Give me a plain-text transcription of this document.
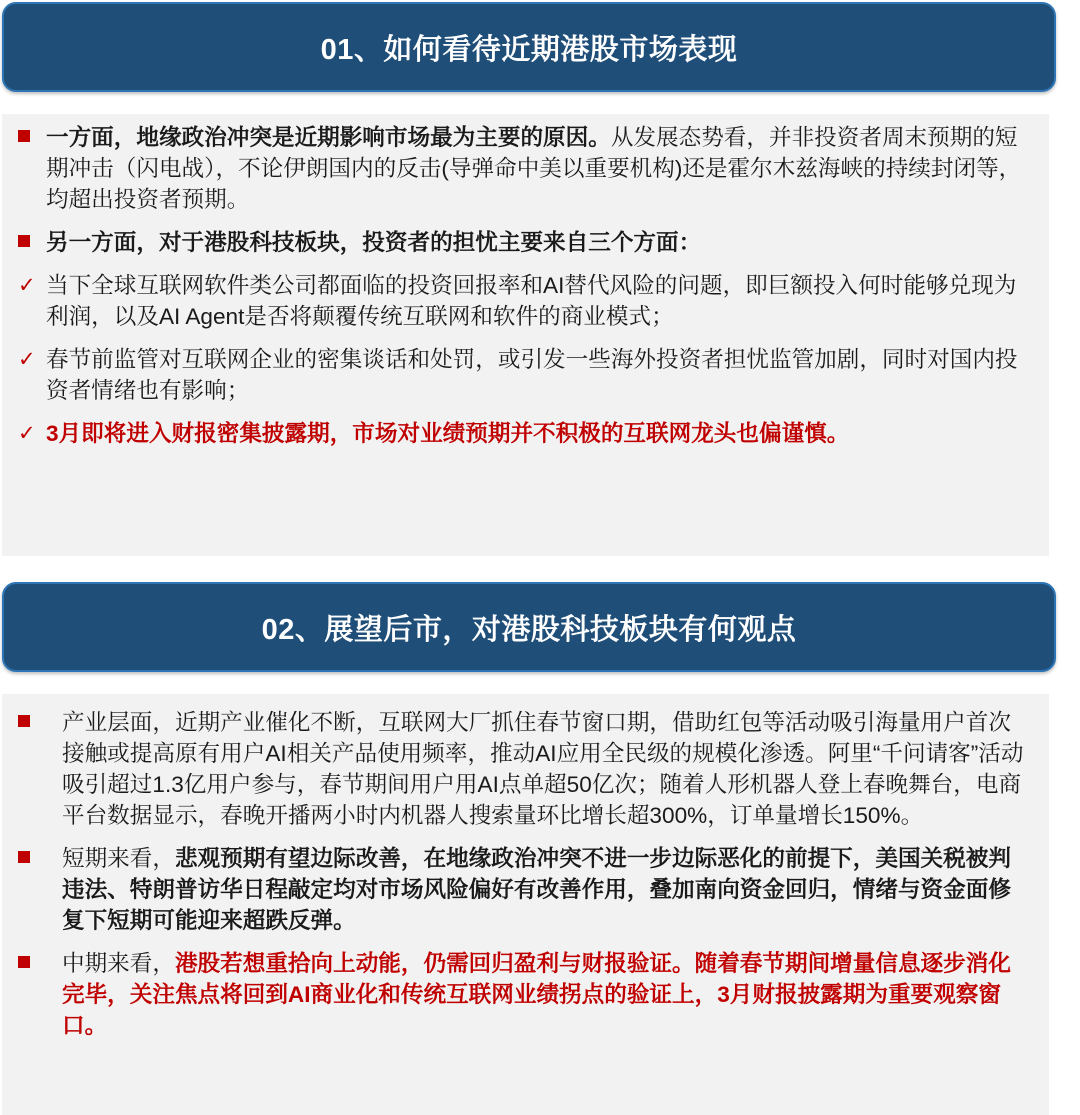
01、如何看待近期港股市场表现
一方面，地缘政治冲突是近期影响市场最为主要的原因。从发展态势看，并非投资者周末预期的短期冲击（闪电战），不论伊朗国内的反击(导弹命中美以重要机构)还是霍尔木兹海峡的持续封闭等，均超出投资者预期。
另一方面，对于港股科技板块，投资者的担忧主要来自三个方面：
✓ 当下全球互联网软件类公司都面临的投资回报率和AI替代风险的问题，即巨额投入何时能够兑现为利润，以及AI Agent是否将颠覆传统互联网和软件的商业模式；
✓ 春节前监管对互联网企业的密集谈话和处罚，或引发一些海外投资者担忧监管加剧，同时对国内投资者情绪也有影响；
✓ 3月即将进入财报密集披露期，市场对业绩预期并不积极的互联网龙头也偏谨慎。
02、展望后市，对港股科技板块有何观点
产业层面，近期产业催化不断，互联网大厂抓住春节窗口期，借助红包等活动吸引海量用户首次接触或提高原有用户AI相关产品使用频率，推动AI应用全民级的规模化渗透。阿里“千问请客”活动吸引超过1.3亿用户参与，春节期间用户用AI点单超50亿次；随着人形机器人登上春晚舞台，电商平台数据显示，春晚开播两小时内机器人搜索量环比增长超300%，订单量增长150%。
短期来看，悲观预期有望边际改善，在地缘政治冲突不进一步边际恶化的前提下，美国关税被判违法、特朗普访华日程敲定均对市场风险偏好有改善作用，叠加南向资金回归，情绪与资金面修复下短期可能迎来超跌反弹。
中期来看，港股若想重拾向上动能，仍需回归盈利与财报验证。随着春节期间增量信息逐步消化完毕，关注焦点将回到AI商业化和传统互联网业绩拐点的验证上，3月财报披露期为重要观察窗口。
